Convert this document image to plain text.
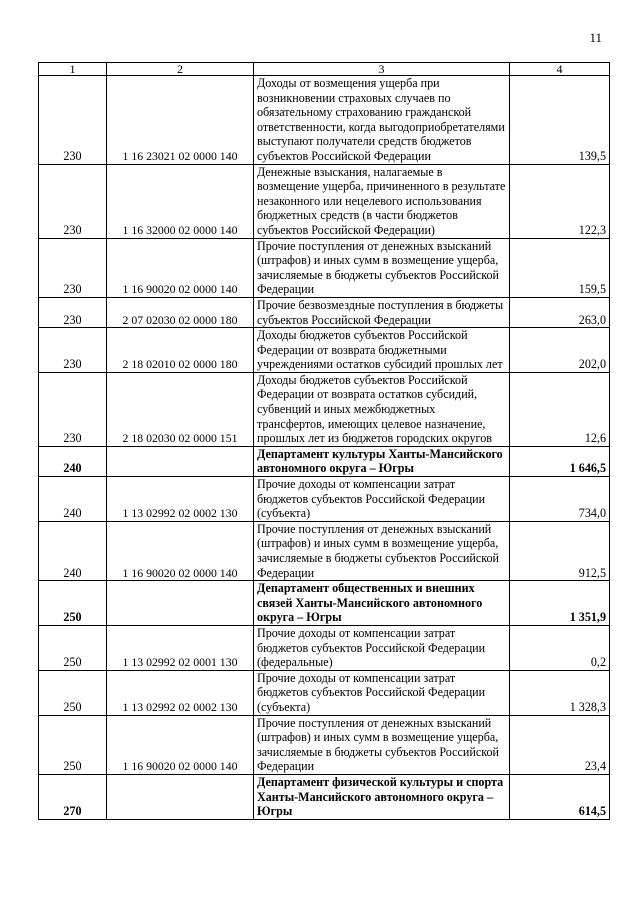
11
1	2	3	4
230	1 16 23021 02 0000 140	Доходы от возмещения ущерба при возникновении страховых случаев по обязательному страхованию гражданской ответственности, когда выгодоприобретателями выступают получатели средств бюджетов субъектов Российской Федерации	139,5
230	1 16 32000 02 0000 140	Денежные взыскания, налагаемые в возмещение ущерба, причиненного в результате незаконного или нецелевого использования бюджетных средств (в части бюджетов субъектов Российской Федерации)	122,3
230	1 16 90020 02 0000 140	Прочие поступления от денежных взысканий (штрафов) и иных сумм в возмещение ущерба, зачисляемые в бюджеты субъектов Российской Федерации	159,5
230	2 07 02030 02 0000 180	Прочие безвозмездные поступления в бюджеты субъектов Российской Федерации	263,0
230	2 18 02010 02 0000 180	Доходы бюджетов субъектов Российской Федерации от возврата бюджетными учреждениями остатков субсидий прошлых лет	202,0
230	2 18 02030 02 0000 151	Доходы бюджетов субъектов Российской Федерации от возврата остатков субсидий, субвенций и иных межбюджетных трансфертов, имеющих целевое назначение, прошлых лет из бюджетов городских округов	12,6
240		Департамент культуры Ханты-Мансийского автономного округа – Югры	1 646,5
240	1 13 02992 02 0002 130	Прочие доходы от компенсации затрат бюджетов субъектов Российской Федерации (субъекта)	734,0
240	1 16 90020 02 0000 140	Прочие поступления от денежных взысканий (штрафов) и иных сумм в возмещение ущерба, зачисляемые в бюджеты субъектов Российской Федерации	912,5
250		Департамент общественных и внешних связей Ханты-Мансийского автономного округа – Югры	1 351,9
250	1 13 02992 02 0001 130	Прочие доходы от компенсации затрат бюджетов субъектов Российской Федерации (федеральные)	0,2
250	1 13 02992 02 0002 130	Прочие доходы от компенсации затрат бюджетов субъектов Российской Федерации (субъекта)	1 328,3
250	1 16 90020 02 0000 140	Прочие поступления от денежных взысканий (штрафов) и иных сумм в возмещение ущерба, зачисляемые в бюджеты субъектов Российской Федерации	23,4
270		Департамент физической культуры и спорта Ханты-Мансийского автономного округа – Югры	614,5
